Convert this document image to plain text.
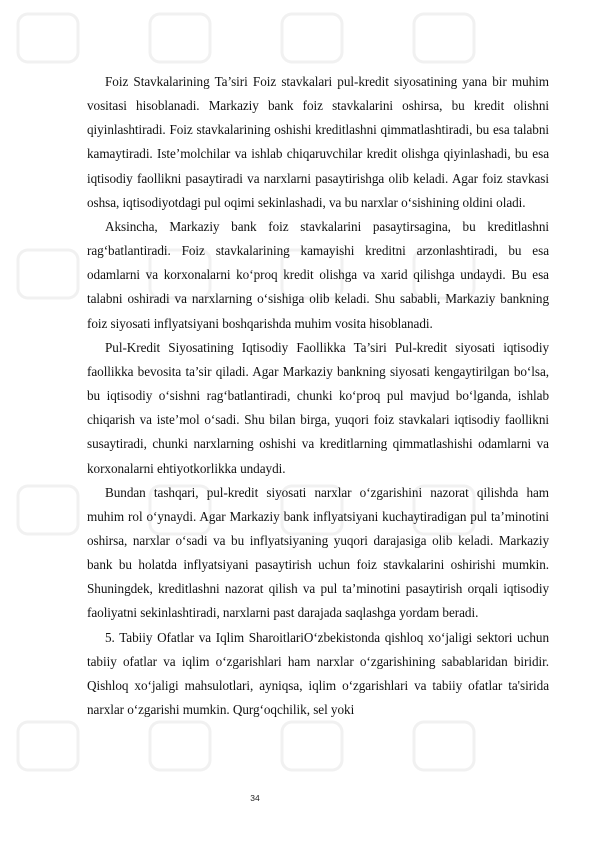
Foiz Stavkalarining Ta’siri Foiz stavkalari pul-kredit siyosatining yana bir muhim vositasi hisoblanadi. Markaziy bank foiz stavkalarini oshirsa, bu kredit olishni qiyinlashtiradi. Foiz stavkalarining oshishi kreditlashni qimmatlashtiradi, bu esa talabni kamaytiradi. Iste’molchilar va ishlab chiqaruvchilar kredit olishga qiyinlashadi, bu esa iqtisodiy faollikni pasaytiradi va narxlarni pasaytirishga olib keladi. Agar foiz stavkasi oshsa, iqtisodiyotdagi pul oqimi sekinlashadi, va bu narxlar o‘sishining oldini oladi.

Aksincha, Markaziy bank foiz stavkalarini pasaytirsagina, bu kreditlashni rag‘batlantiradi. Foiz stavkalarining kamayishi kreditni arzonlashtiradi, bu esa odamlarni va korxonalarni ko‘proq kredit olishga va xarid qilishga undaydi. Bu esa talabni oshiradi va narxlarning o‘sishiga olib keladi. Shu sababli, Markaziy bankning foiz siyosati inflyatsiyani boshqarishda muhim vosita hisoblanadi.

Pul-Kredit Siyosatining Iqtisodiy Faollikka Ta’siri Pul-kredit siyosati iqtisodiy faollikka bevosita ta’sir qiladi. Agar Markaziy bankning siyosati kengaytirilgan bo‘lsa, bu iqtisodiy o‘sishni rag‘batlantiradi, chunki ko‘proq pul mavjud bo‘lganda, ishlab chiqarish va iste’mol o‘sadi. Shu bilan birga, yuqori foiz stavkalari iqtisodiy faollikni susaytiradi, chunki narxlarning oshishi va kreditlarning qimmatlashishi odamlarni va korxonalarni ehtiyotkorlikka undaydi.

Bundan tashqari, pul-kredit siyosati narxlar o‘zgarishini nazorat qilishda ham muhim rol o‘ynaydi. Agar Markaziy bank inflyatsiyani kuchaytiradigan pul ta’minotini oshirsa, narxlar o‘sadi va bu inflyatsiyaning yuqori darajasiga olib keladi. Markaziy bank bu holatda inflyatsiyani pasaytirish uchun foiz stavkalarini oshirishi mumkin. Shuningdek, kreditlashni nazorat qilish va pul ta’minotini pasaytirish orqali iqtisodiy faoliyatni sekinlashtiradi, narxlarni past darajada saqlashga yordam beradi.

5. Tabiiy Ofatlar va Iqlim SharoitlariO‘zbekistonda qishloq xo‘jaligi sektori uchun tabiiy ofatlar va iqlim o‘zgarishlari ham narxlar o‘zgarishining sabablaridan biridir. Qishloq xo‘jaligi mahsulotlari, ayniqsa, iqlim o‘zgarishlari va tabiiy ofatlar ta'sirida narxlar o‘zgarishi mumkin. Qurg‘oqchilik, sel yoki

34
